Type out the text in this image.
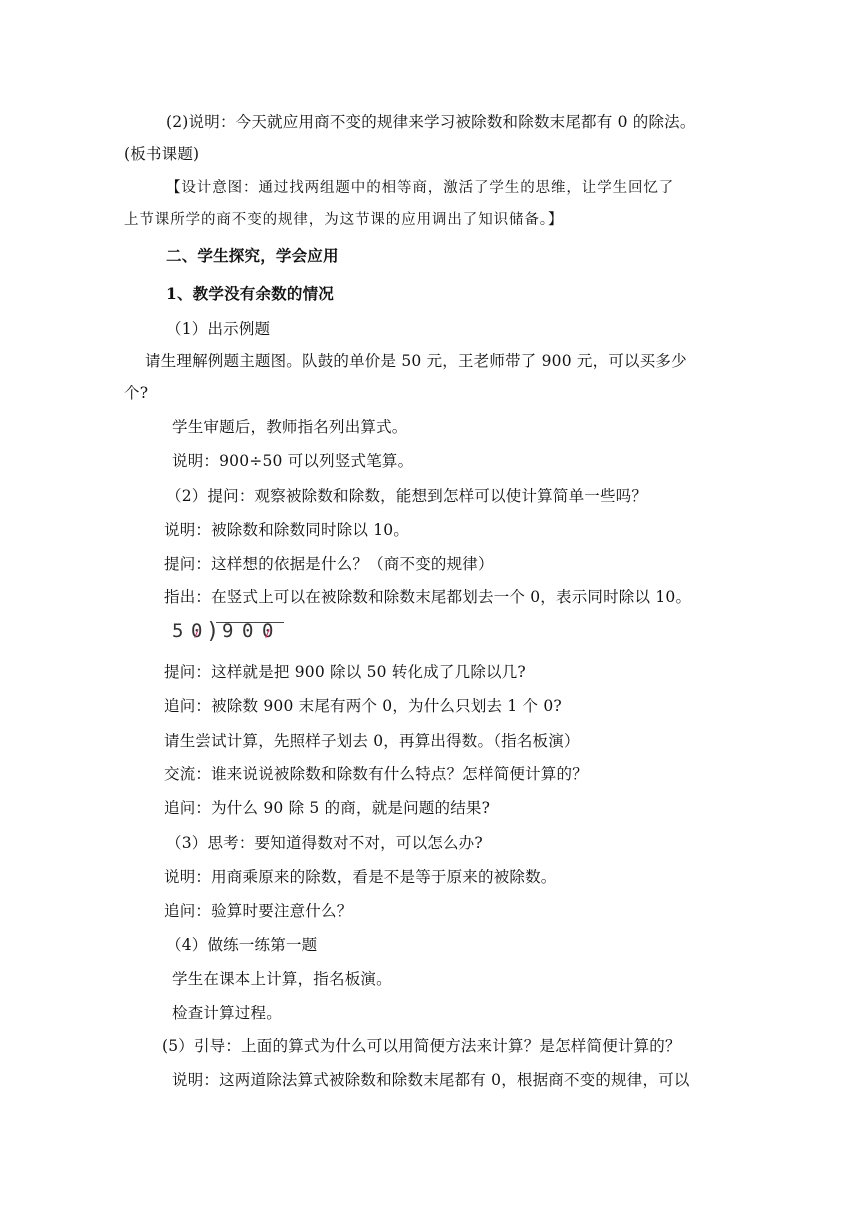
(2)说明：今天就应用商不变的规律来学习被除数和除数末尾都有 0 的除法。
(板书课题)
【设计意图：通过找两组题中的相等商，激活了学生的思维，让学生回忆了
上节课所学的商不变的规律，为这节课的应用调出了知识储备。】
二、学生探究，学会应用
1、教学没有余数的情况
（1）出示例题
请生理解例题主题图。队鼓的单价是 50 元，王老师带了 900 元，可以买多少
个?
学生审题后，教师指名列出算式。
说明：900÷50 可以列竖式笔算。
（2）提问：观察被除数和除数，能想到怎样可以使计算简单一些吗？
说明：被除数和除数同时除以 10。
提问：这样想的依据是什么？（商不变的规律）
指出：在竖式上可以在被除数和除数末尾都划去一个 0，表示同时除以 10。
5 0 ) 9 0 0
提问：这样就是把 900 除以 50 转化成了几除以几?
追问：被除数 900 末尾有两个 0，为什么只划去 1 个 0?
请生尝试计算，先照样子划去 0，再算出得数。（指名板演）
交流：谁来说说被除数和除数有什么特点？怎样简便计算的？
追问：为什么 90 除 5 的商，就是问题的结果?
（3）思考：要知道得数对不对，可以怎么办?
说明：用商乘原来的除数，看是不是等于原来的被除数。
追问：验算时要注意什么？
（4）做练一练第一题
学生在课本上计算，指名板演。
检查计算过程。
(5）引导：上面的算式为什么可以用简便方法来计算？是怎样简便计算的？
说明：这两道除法算式被除数和除数末尾都有 0，根据商不变的规律，可以
